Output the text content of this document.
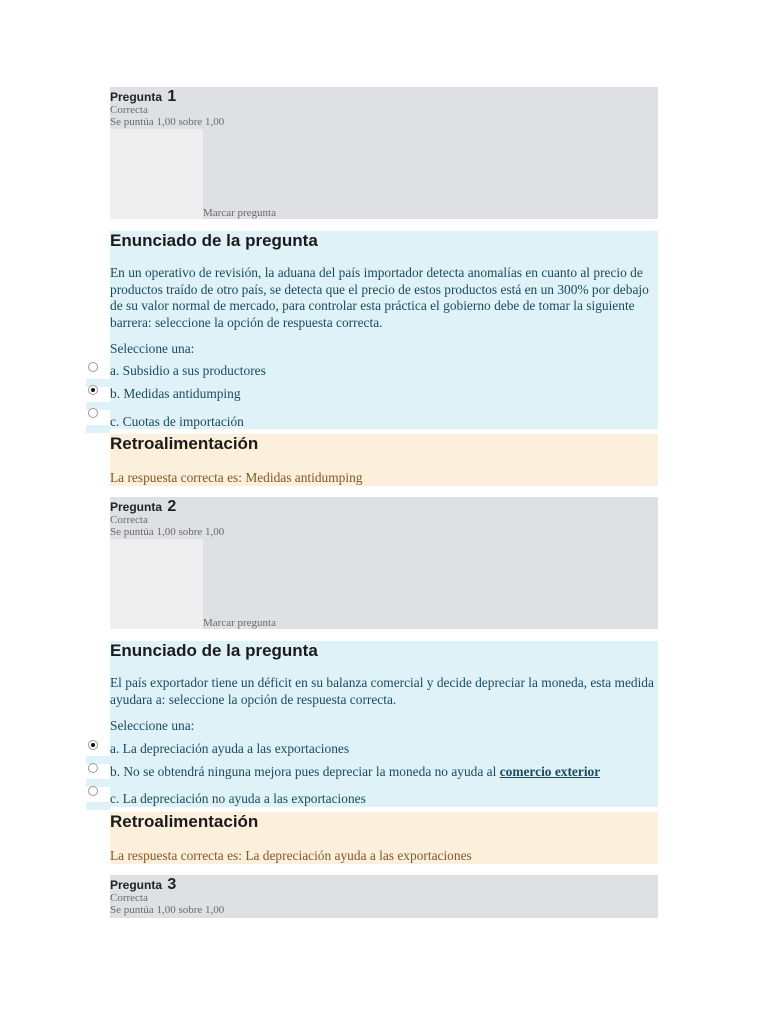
Pregunta 1
Correcta
Se puntúa 1,00 sobre 1,00
Marcar pregunta
Enunciado de la pregunta
En un operativo de revisión, la aduana del país importador detecta anomalías en cuanto al precio de productos traído de otro país, se detecta que el precio de estos productos está en un 300% por debajo de su valor normal de mercado, para controlar esta práctica el gobierno debe de tomar la siguiente barrera: seleccione la opción de respuesta correcta.
Seleccione una:
a. Subsidio a sus productores
b. Medidas antidumping
c. Cuotas de importación
Retroalimentación
La respuesta correcta es: Medidas antidumping
Pregunta 2
Correcta
Se puntúa 1,00 sobre 1,00
Marcar pregunta
Enunciado de la pregunta
El país exportador tiene un déficit en su balanza comercial y decide depreciar la moneda, esta medida ayudara a: seleccione la opción de respuesta correcta.
Seleccione una:
a. La depreciación ayuda a las exportaciones
b. No se obtendrá ninguna mejora pues depreciar la moneda no ayuda al comercio exterior
c. La depreciación no ayuda a las exportaciones
Retroalimentación
La respuesta correcta es: La depreciación ayuda a las exportaciones
Pregunta 3
Correcta
Se puntúa 1,00 sobre 1,00
